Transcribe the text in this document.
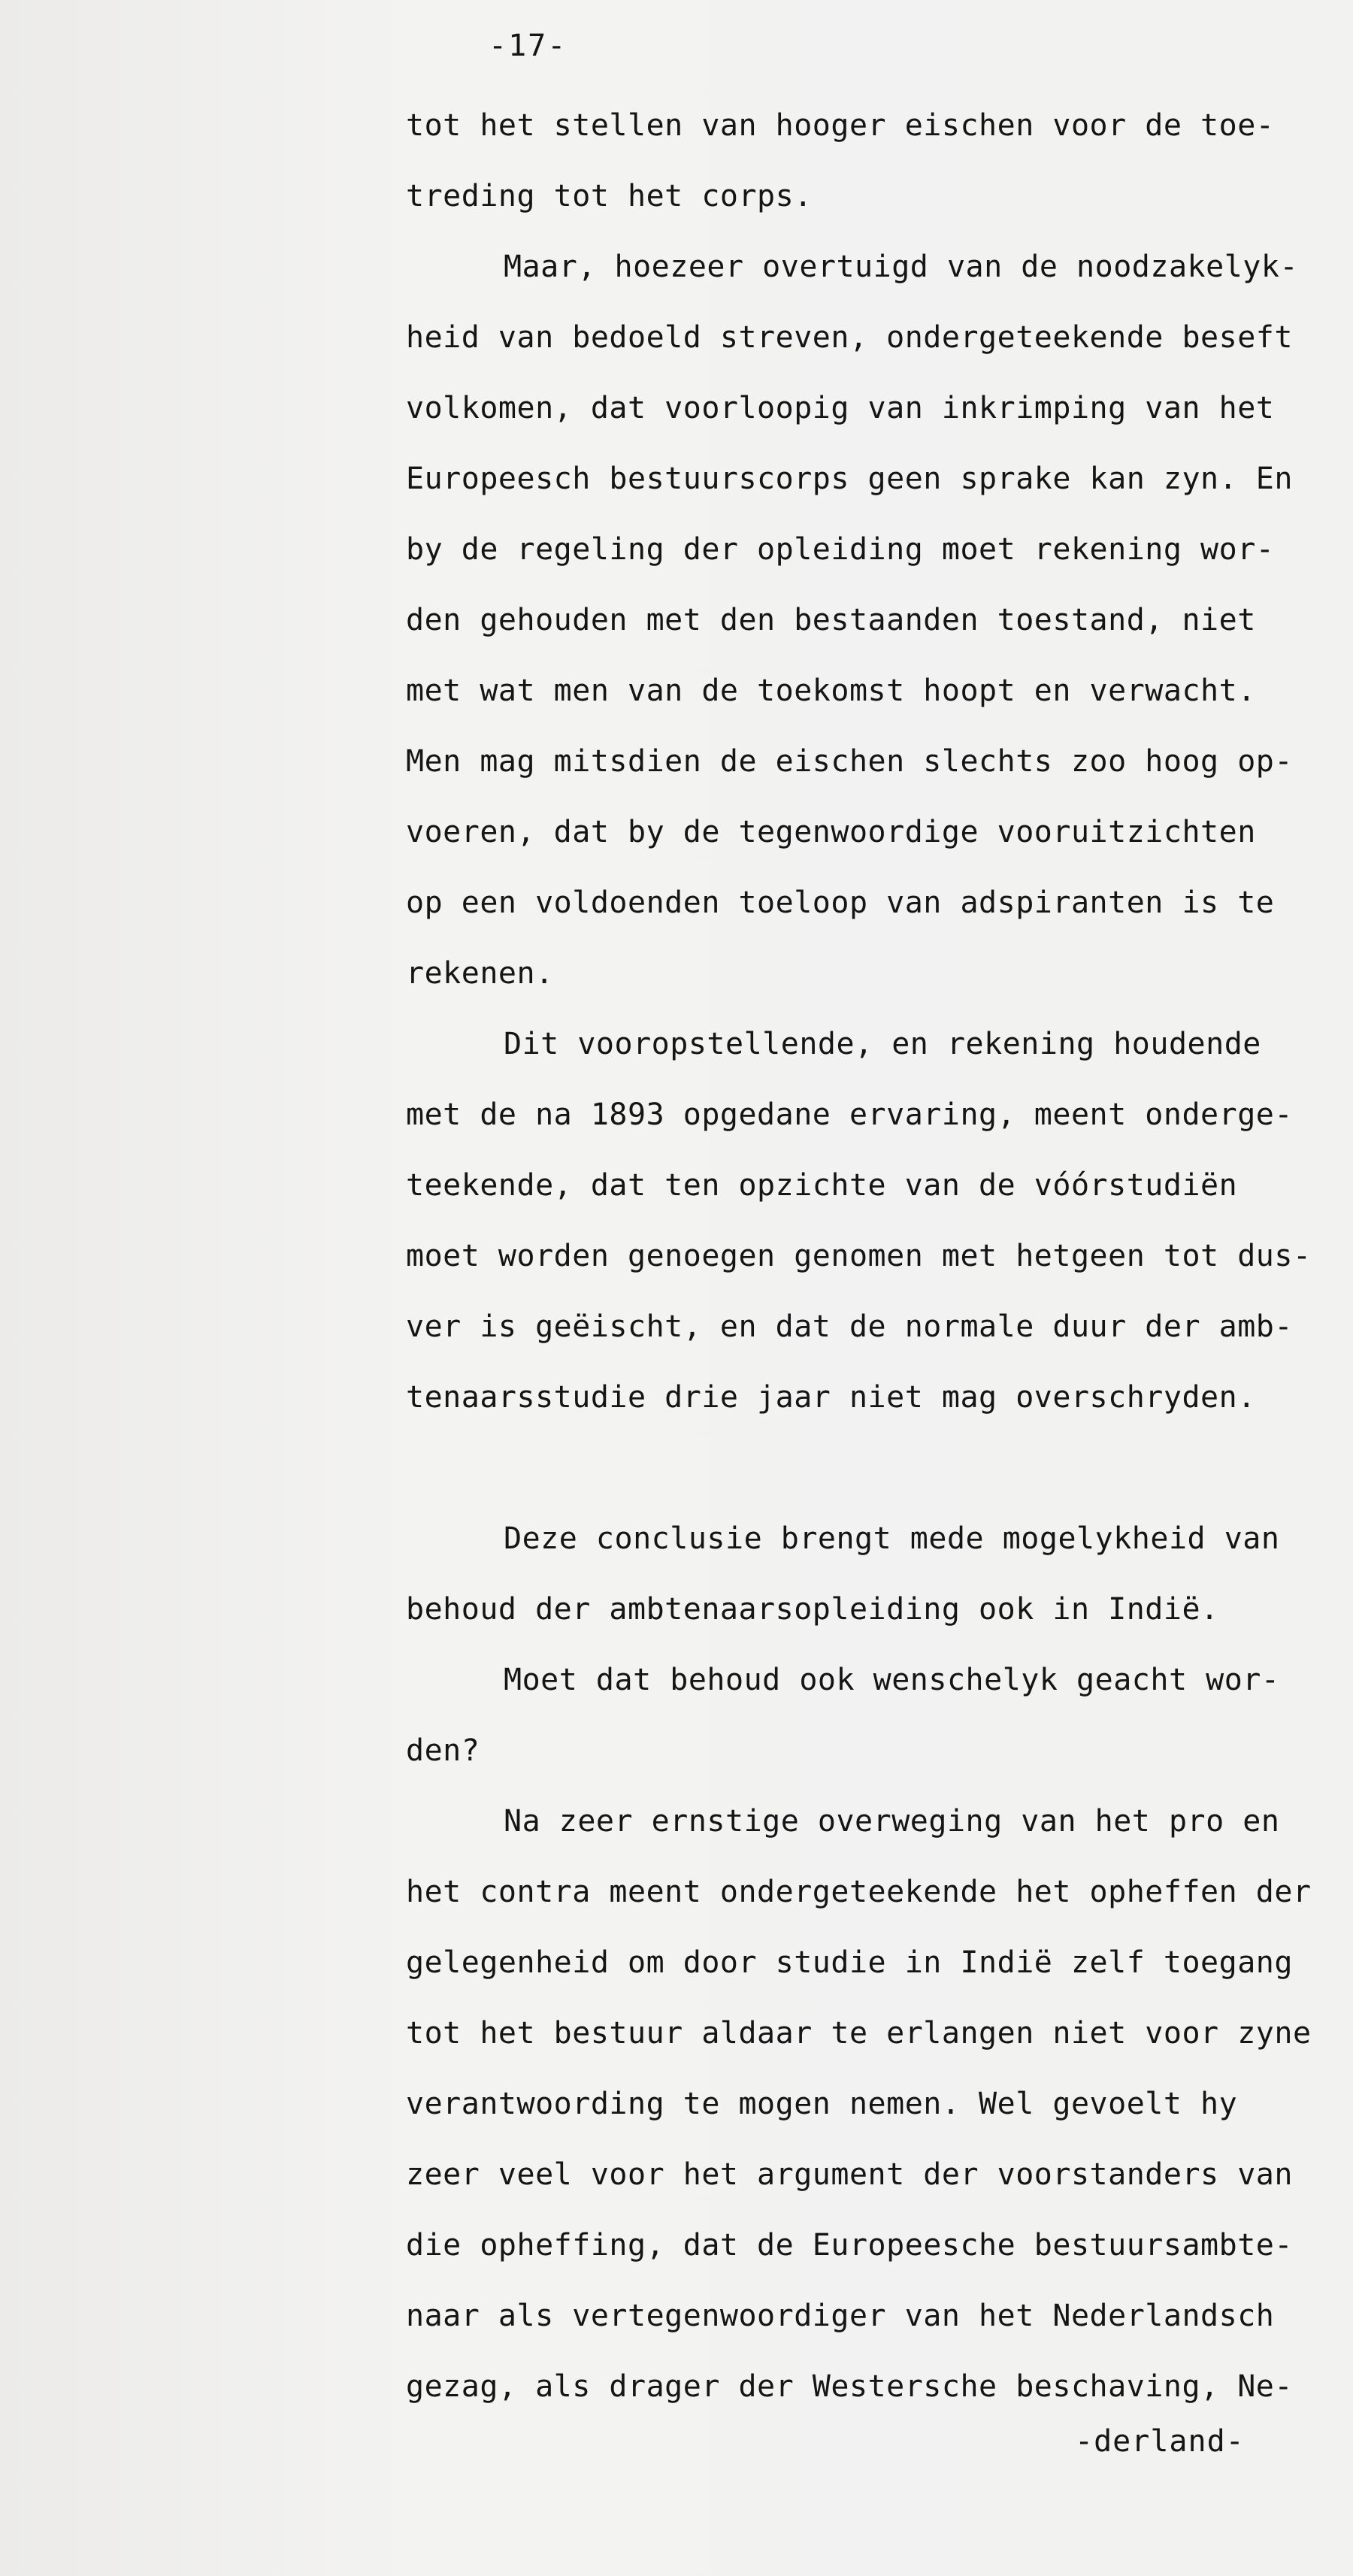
-17-
tot het stellen van hooger eischen voor de toe-
treding tot het corps.
Maar, hoezeer overtuigd van de noodzakelyk-
heid van bedoeld streven, ondergeteekende beseft
volkomen, dat voorloopig van inkrimping van het
Europeesch bestuurscorps geen sprake kan zyn. En
by de regeling der opleiding moet rekening wor-
den gehouden met den bestaanden toestand, niet
met wat men van de toekomst hoopt en verwacht.
Men mag mitsdien de eischen slechts zoo hoog op-
voeren, dat by de tegenwoordige vooruitzichten
op een voldoenden toeloop van adspiranten is te
rekenen.
Dit vooropstellende, en rekening houdende
met de na 1893 opgedane ervaring, meent onderge-
teekende, dat ten opzichte van de vóórstudiën
moet worden genoegen genomen met hetgeen tot dus-
ver is geëischt, en dat de normale duur der amb-
tenaarsstudie drie jaar niet mag overschryden.
Deze conclusie brengt mede mogelykheid van
behoud der ambtenaarsopleiding ook in Indië.
Moet dat behoud ook wenschelyk geacht wor-
den?
Na zeer ernstige overweging van het pro en
het contra meent ondergeteekende het opheffen der
gelegenheid om door studie in Indië zelf toegang
tot het bestuur aldaar te erlangen niet voor zyne
verantwoording te mogen nemen. Wel gevoelt hy
zeer veel voor het argument der voorstanders van
die opheffing, dat de Europeesche bestuursambte-
naar als vertegenwoordiger van het Nederlandsch
gezag, als drager der Westersche beschaving, Ne-
-derland-
